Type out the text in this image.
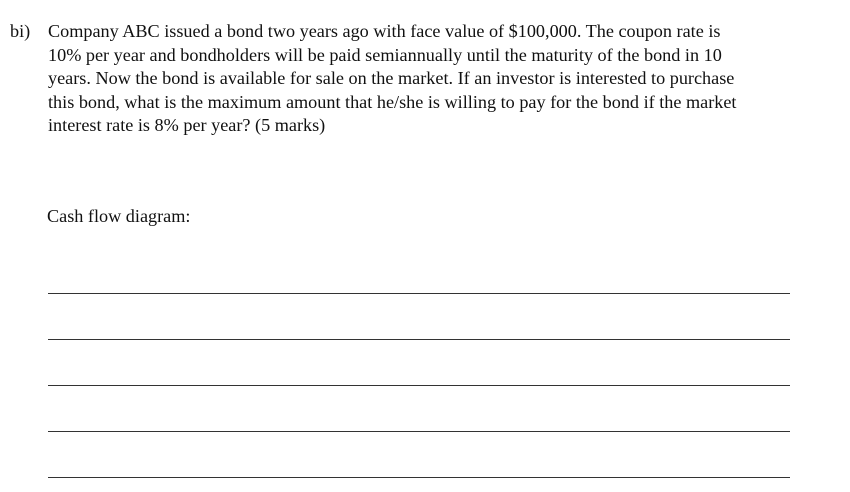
bi) Company ABC issued a bond two years ago with face value of $100,000. The coupon rate is
10% per year and bondholders will be paid semiannually until the maturity of the bond in 10
years. Now the bond is available for sale on the market. If an investor is interested to purchase
this bond, what is the maximum amount that he/she is willing to pay for the bond if the market
interest rate is 8% per year? (5 marks)
Cash flow diagram:
